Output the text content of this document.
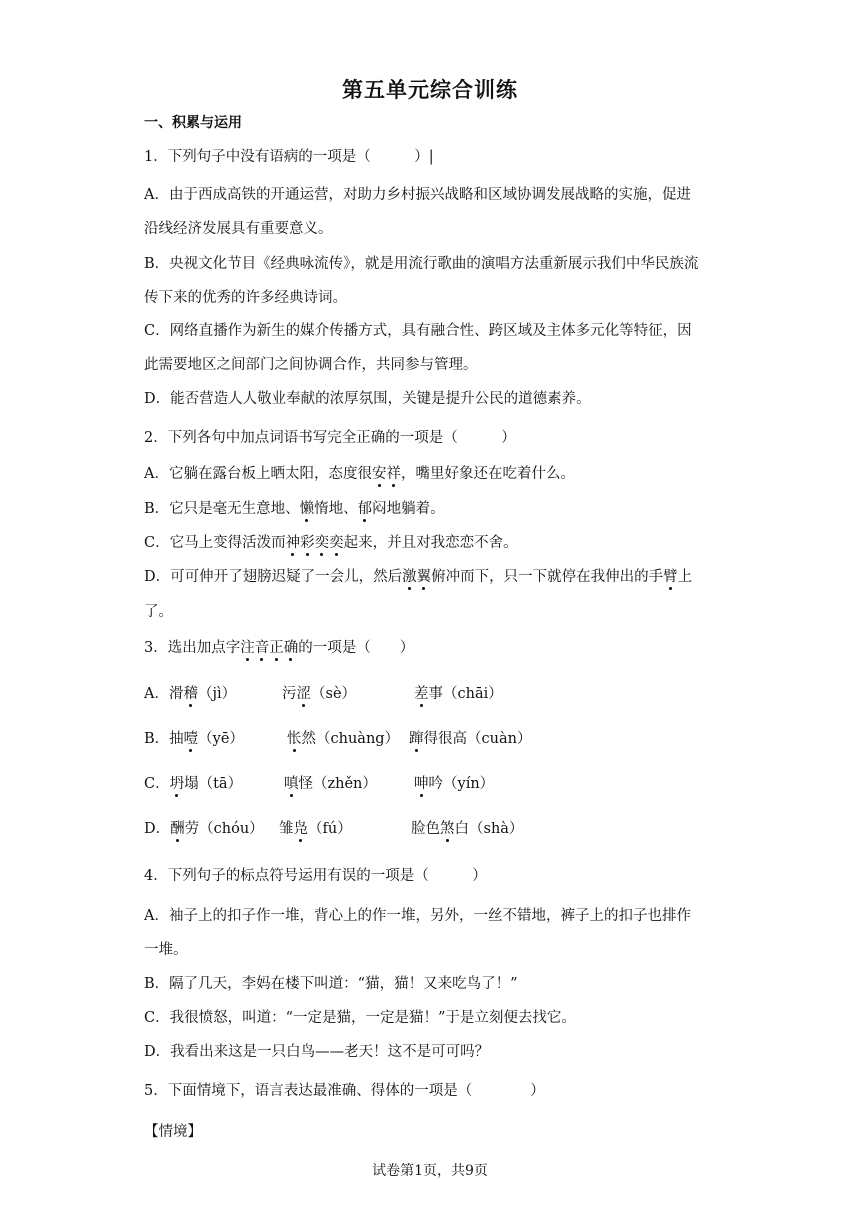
第五单元综合训练
一、积累与运用
1．下列句子中没有语病的一项是（　　　）|
A．由于西成高铁的开通运营，对助力乡村振兴战略和区域协调发展战略的实施，促进
沿线经济发展具有重要意义。
B．央视文化节目《经典咏流传》，就是用流行歌曲的演唱方法重新展示我们中华民族流
传下来的优秀的许多经典诗词。
C．网络直播作为新生的媒介传播方式，具有融合性、跨区域及主体多元化等特征，因
此需要地区之间部门之间协调合作，共同参与管理。
D．能否营造人人敬业奉献的浓厚氛围，关键是提升公民的道德素养。
2．下列各句中加点词语书写完全正确的一项是（　　　）
A．它躺在露台板上晒太阳，态度很安祥，嘴里好象还在吃着什么。
B．它只是毫无生意地、懒惰地、郁闷地躺着。
C．它马上变得活泼而神彩奕奕起来，并且对我恋恋不舍。
D．可可伸开了翅膀迟疑了一会儿，然后激翼俯冲而下，只一下就停在我伸出的手臂上
了。
3．选出加点字注音正确的一项是（　　）
A．滑稽（jì）	污涩（sè）	差事（chāi）
B．抽噎（yē）	怅然（chuàng） 蹿得很高（cuàn）
C．坍塌（tā）	嗔怪（zhěn）	呻吟（yín）
D．酬劳（chóu） 雏凫（fú）	脸色煞白（shà）
4．下列句子的标点符号运用有误的一项是（　　　）
A．袖子上的扣子作一堆，背心上的作一堆，另外，一丝不错地，裤子上的扣子也排作
一堆。
B．隔了几天，李妈在楼下叫道：“猫，猫！又来吃鸟了！”
C．我很愤怒，叫道：“一定是猫，一定是猫！”于是立刻便去找它。
D．我看出来这是一只白鸟——老天！这不是可可吗？
5．下面情境下，语言表达最准确、得体的一项是（　　　　）
【情境】
试卷第1页，共9页
